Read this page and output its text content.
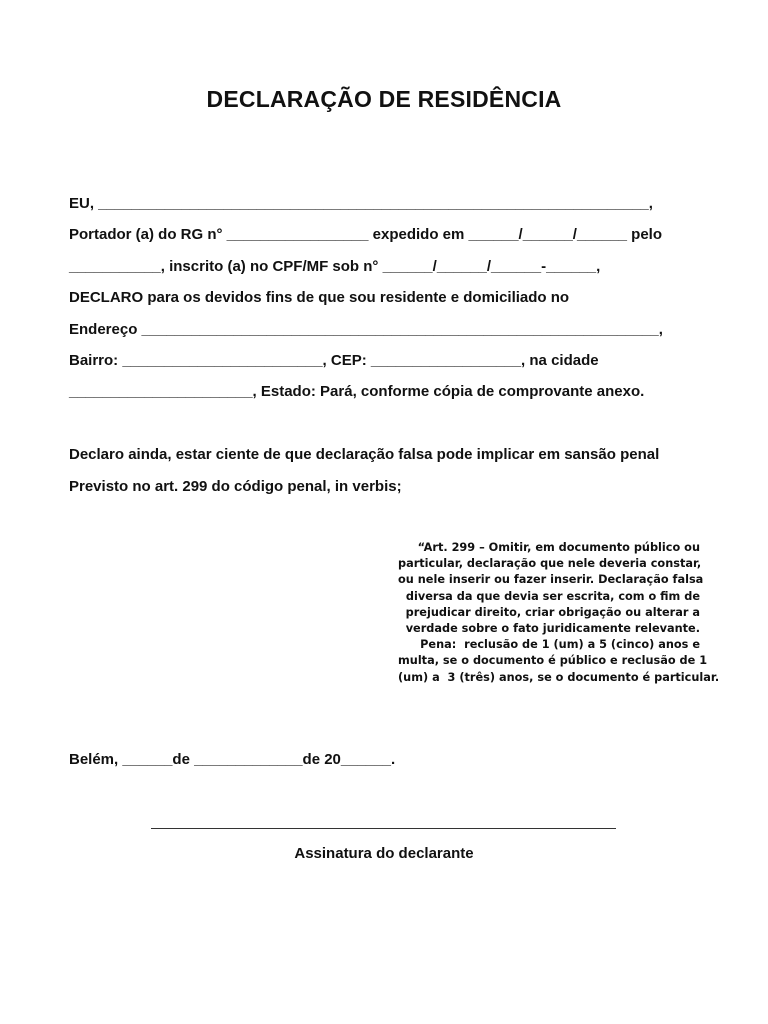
DECLARAÇÃO DE RESIDÊNCIA
EU, __________________________________________________________________,
Portador (a) do RG n° _________________ expedido em ______/______/______ pelo
___________, inscrito (a) no CPF/MF sob n° ______/______/______-______,
DECLARO para os devidos fins de que sou residente e domiciliado no
Endereço ______________________________________________________________,
Bairro: ________________________, CEP: __________________, na cidade
______________________, Estado: Pará, conforme cópia de comprovante anexo.
Declaro ainda, estar ciente de que declaração falsa pode implicar em sansão penal
Previsto no art. 299 do código penal, in verbis;
“Art. 299 – Omitir, em documento público ou
particular, declaração que nele deveria constar,
ou nele inserir ou fazer inserir. Declaração falsa
diversa da que devia ser escrita, com o fim de
prejudicar direito, criar obrigação ou alterar a
verdade sobre o fato juridicamente relevante.
Pena:  reclusão de 1 (um) a 5 (cinco) anos e
multa, se o documento é público e reclusão de 1
(um) a  3 (três) anos, se o documento é particular.
Belém, ______de _____________de 20______.
Assinatura do declarante
